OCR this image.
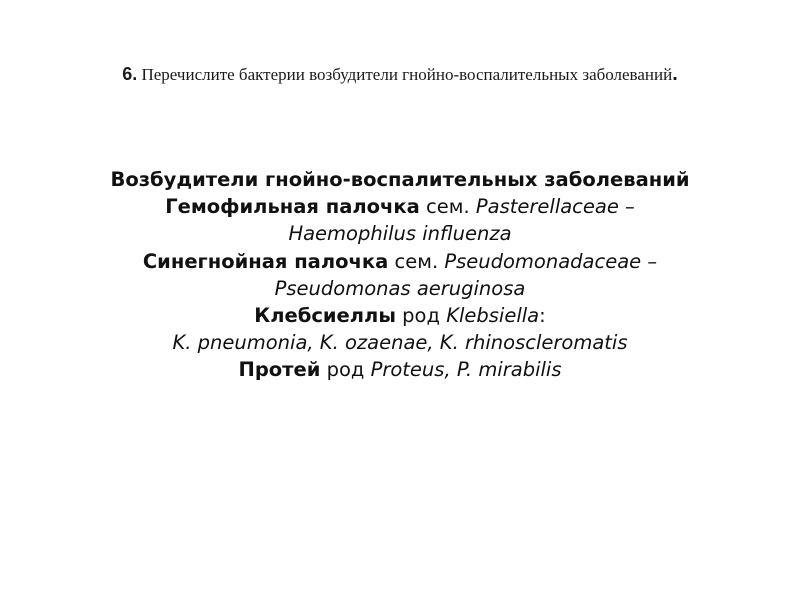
6. Перечислите бактерии возбудители гнойно-воспалительных заболеваний.
Возбудители гнойно-воспалительных заболеваний
Гемофильная палочка сем. Pasterellaceae –
Haemophilus influenza
Синегнойная палочка сем. Pseudomonadaceae –
Pseudomonas aeruginosa
Клебсиеллы род Klebsiella:
K. pneumonia, K. ozaenae, K. rhinoscleromatis
Протей род Proteus, P. mirabilis
